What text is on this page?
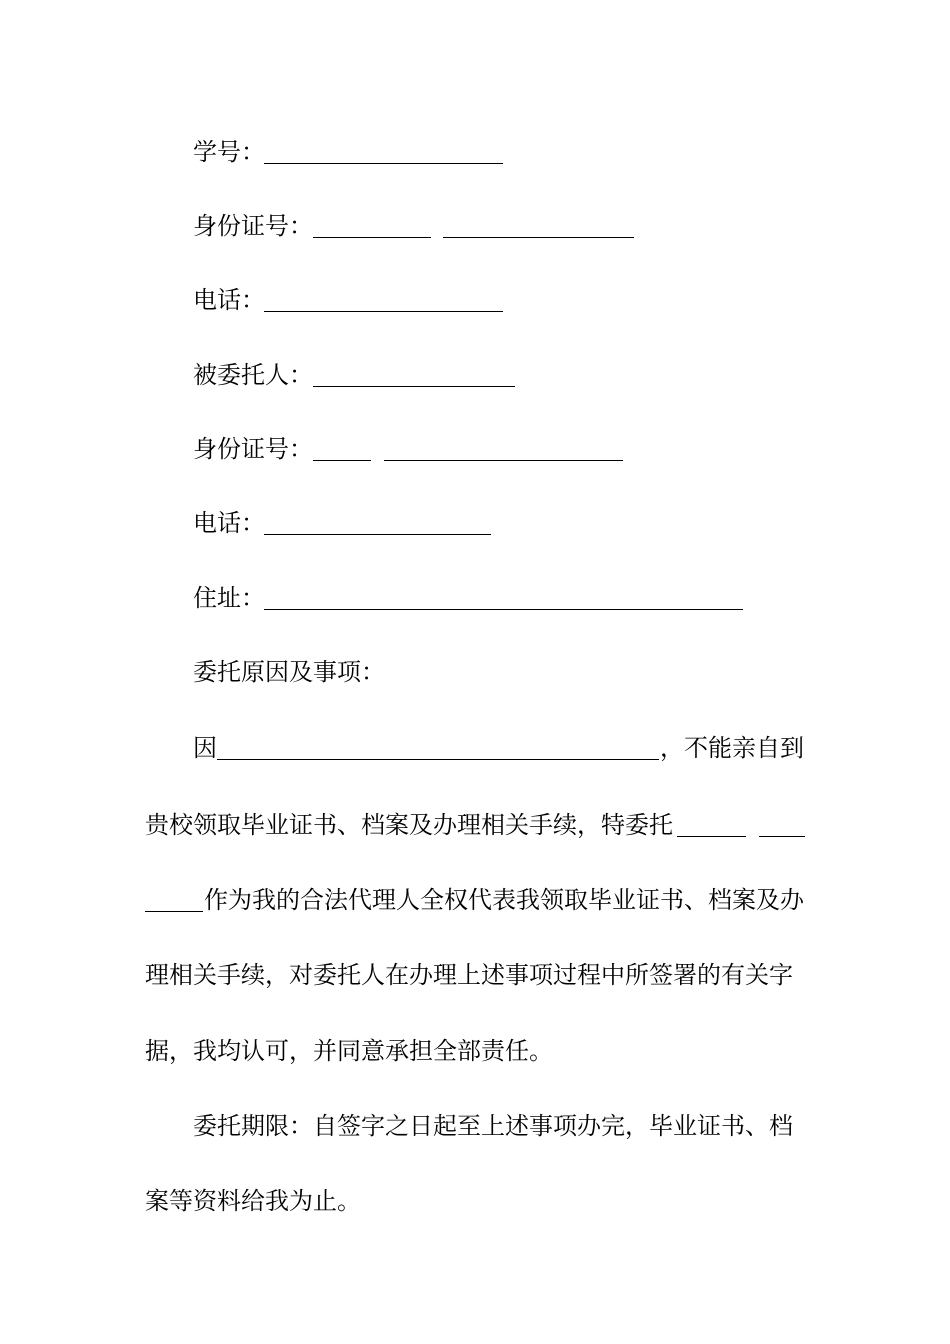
学号：
身份证号：
电话：
被委托人：
身份证号：
电话：
住址：
委托原因及事项：
因	，不能亲自到
贵校领取毕业证书、档案及办理相关手续，特委托
作为我的合法代理人全权代表我领取毕业证书、档案及办
理相关手续，对委托人在办理上述事项过程中所签署的有关字
据，我均认可，并同意承担全部责任。
委托期限：自签字之日起至上述事项办完，毕业证书、档
案等资料给我为止。
